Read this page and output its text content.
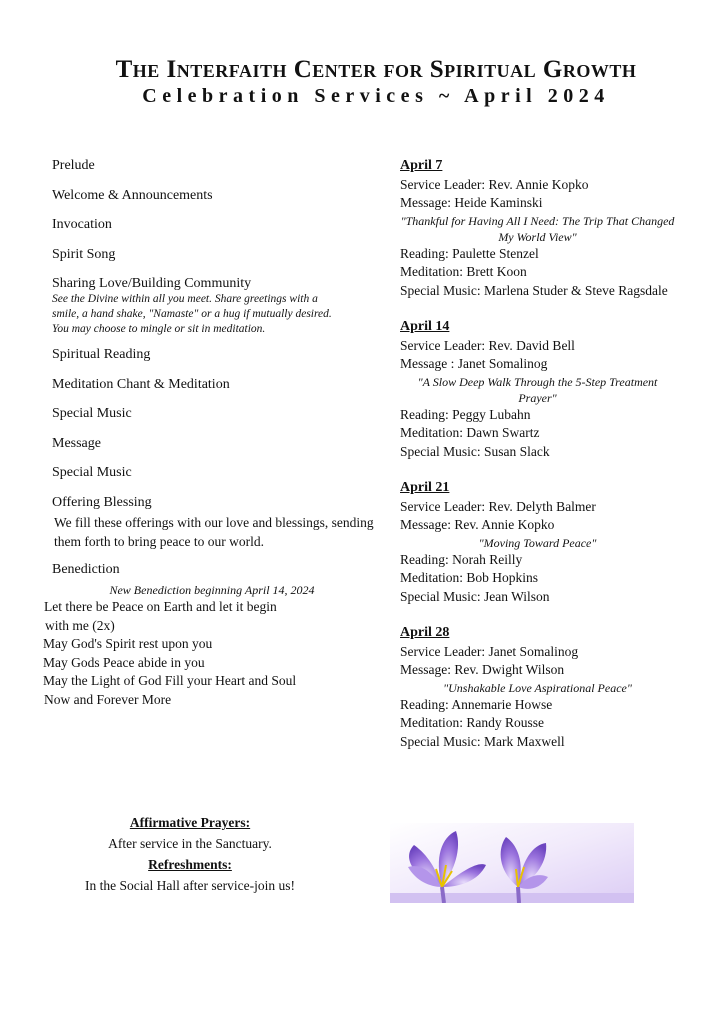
The Interfaith Center for Spiritual Growth
Celebration Services ~ April 2024
Prelude
Welcome & Announcements
Invocation
Spirit Song
Sharing Love/Building Community
See the Divine within all you meet. Share greetings with a smile, a hand shake, "Namaste" or a hug if mutually desired. You may choose to mingle or sit in meditation.
Spiritual Reading
Meditation Chant & Meditation
Special Music
Message
Special Music
Offering Blessing
We fill these offerings with our love and blessings, sending them forth to bring peace to our world.
Benediction
New Benediction beginning April 14, 2024
Let there be Peace on Earth and let it begin
with me (2x)
May God's Spirit rest upon you
May Gods Peace abide in you
May the Light of God Fill your Heart and Soul
Now and Forever More
April 7
Service Leader: Rev. Annie Kopko
Message: Heide Kaminski
"Thankful for Having All I Need: The Trip That Changed My World View"
Reading: Paulette Stenzel
Meditation: Brett Koon
Special Music: Marlena Studer & Steve Ragsdale
April 14
Service Leader: Rev. David Bell
Message : Janet Somalinog
"A Slow Deep Walk Through the 5-Step Treatment Prayer"
Reading: Peggy Lubahn
Meditation: Dawn Swartz
Special Music: Susan Slack
April 21
Service Leader: Rev. Delyth Balmer
Message: Rev. Annie Kopko
"Moving Toward Peace"
Reading: Norah Reilly
Meditation: Bob Hopkins
Special Music: Jean Wilson
April 28
Service Leader: Janet Somalinog
Message: Rev. Dwight Wilson
"Unshakable Love Aspirational Peace"
Reading: Annemarie Howse
Meditation: Randy Rousse
Special Music: Mark Maxwell
Affirmative Prayers:
After service in the Sanctuary.
Refreshments:
In the Social Hall after service-join us!
